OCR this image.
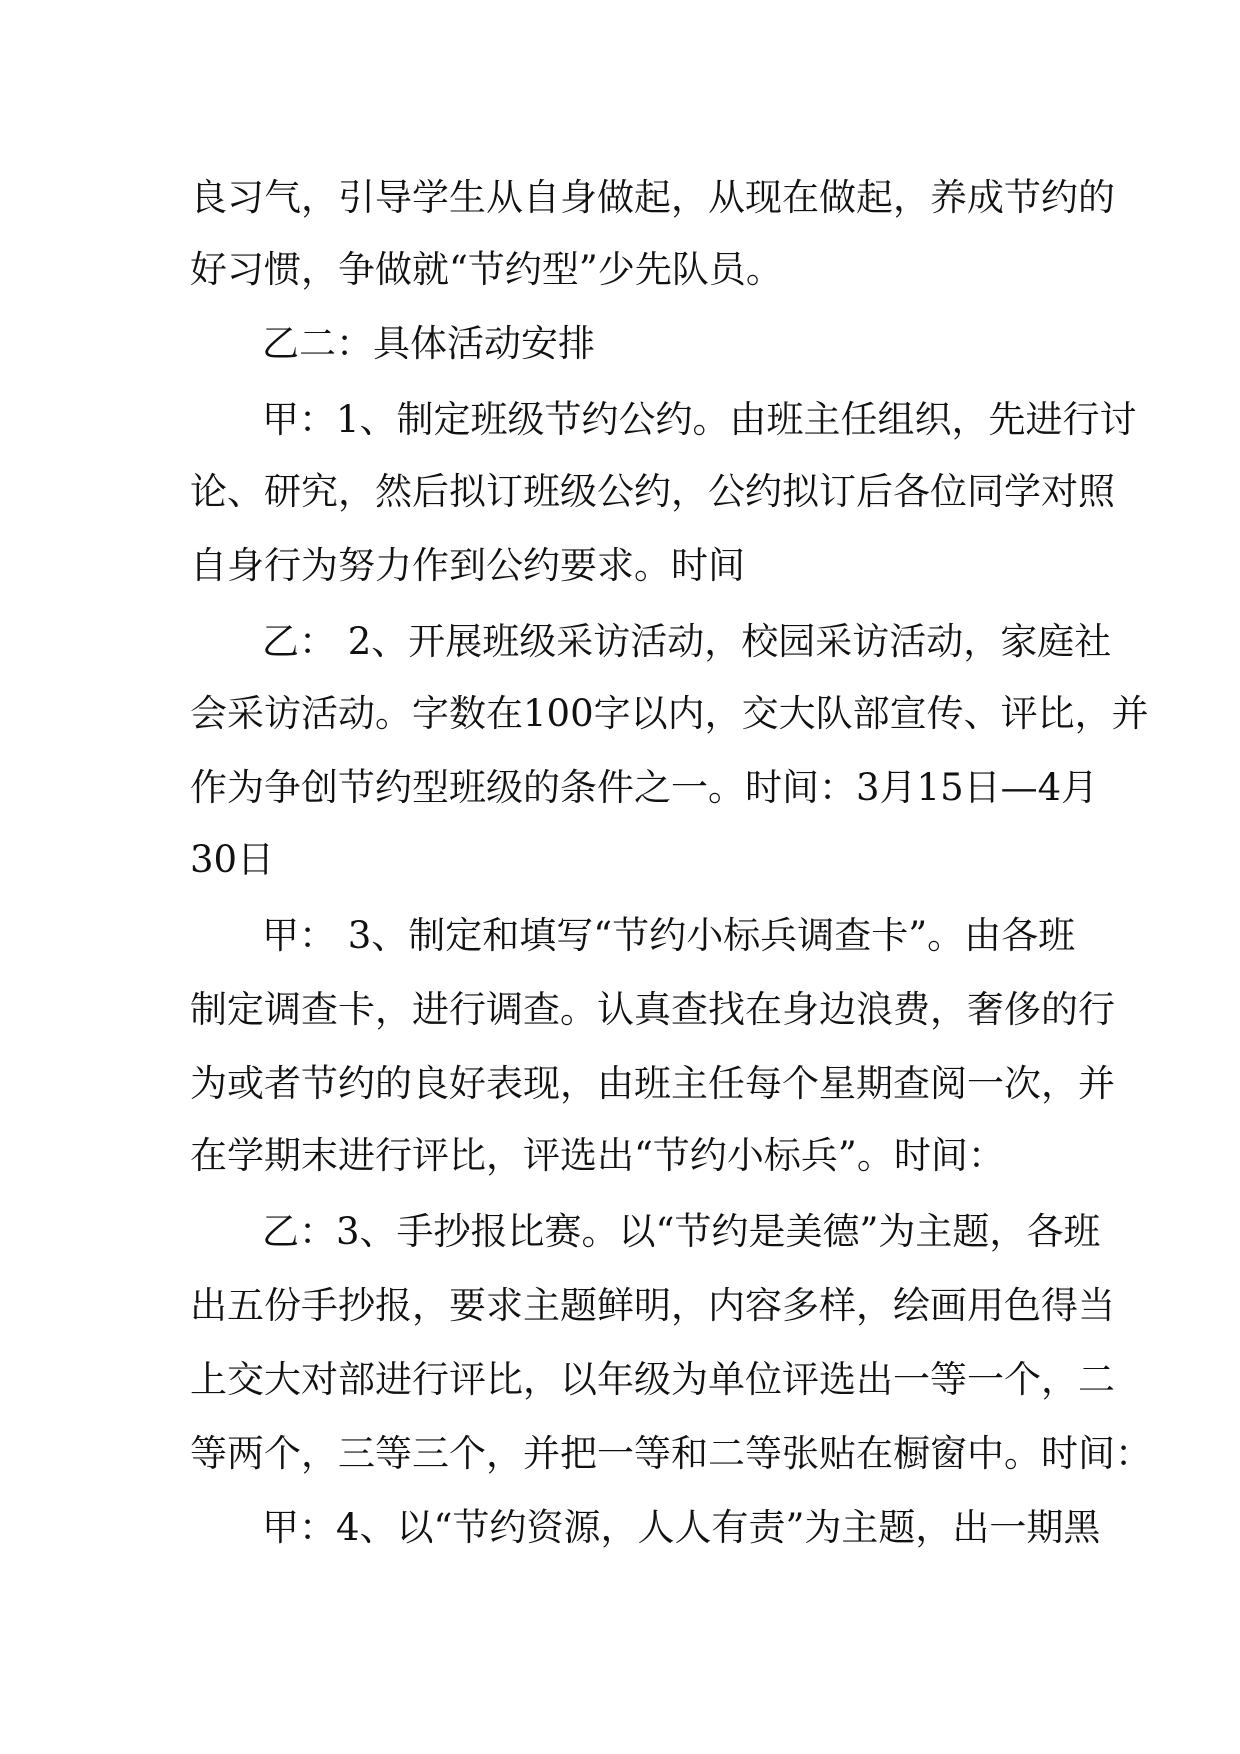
良习气，引导学生从自身做起，从现在做起，养成节约的
好习惯，争做就“节约型”少先队员。
乙二：具体活动安排
甲：1、制定班级节约公约。由班主任组织，先进行讨
论、研究，然后拟订班级公约，公约拟订后各位同学对照
自身行为努力作到公约要求。时间
乙： 2、开展班级采访活动，校园采访活动，家庭社
会采访活动。字数在100字以内，交大队部宣传、评比，并
作为争创节约型班级的条件之一。时间：3月15日—4月
30日
甲： 3、制定和填写“节约小标兵调查卡”。由各班
制定调查卡，进行调查。认真查找在身边浪费，奢侈的行
为或者节约的良好表现，由班主任每个星期查阅一次，并
在学期末进行评比，评选出“节约小标兵”。时间：
乙：3、手抄报比赛。以“节约是美德”为主题，各班
出五份手抄报，要求主题鲜明，内容多样，绘画用色得当
上交大对部进行评比，以年级为单位评选出一等一个，二
等两个，三等三个，并把一等和二等张贴在橱窗中。时间：
甲：4、以“节约资源，人人有责”为主题，出一期黑
